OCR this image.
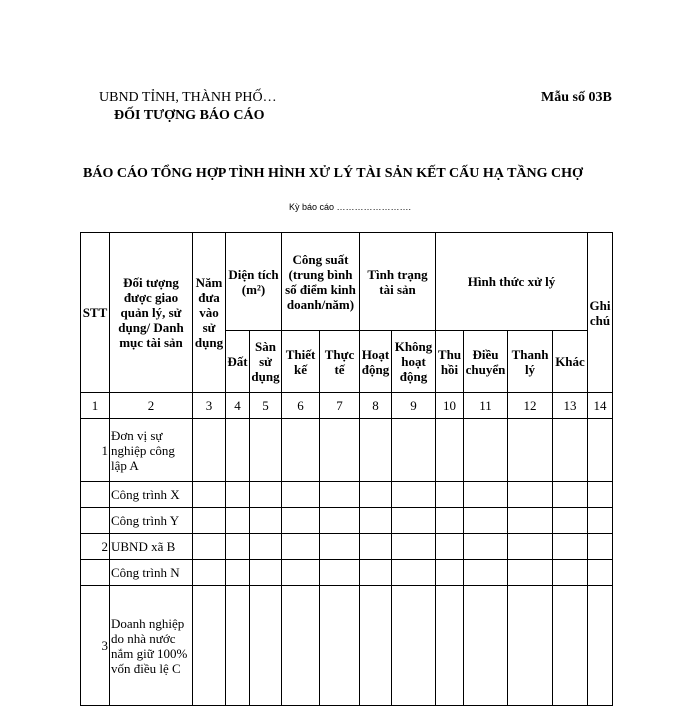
UBND TỈNH, THÀNH PHỐ…
ĐỐI TƯỢNG BÁO CÁO
Mẫu số 03B
BÁO CÁO TỔNG HỢP TÌNH HÌNH XỬ LÝ TÀI SẢN KẾT CẤU HẠ TẦNG CHỢ
Kỳ báo cáo …………………….
STT	Đối tượng được giao quản lý, sử dụng/ Danh mục tài sản	Năm đưa vào sử dụng	Diện tích (m²)		Công suất (trung bình số điểm kinh doanh/năm)		Tình trạng tài sản		Hình thức xử lý				Ghi chú
			Đất	Sàn sử dụng	Thiết kế	Thực tế	Hoạt động	Không hoạt động	Thu hồi	Điều chuyển	Thanh lý	Khác	
1	2	3	4	5	6	7	8	9	10	11	12	13	14
1	Đơn vị sự nghiệp công lập A												
	Công trình X												
	Công trình Y												
2	UBND xã B												
	Công trình N												
3	Doanh nghiệp do nhà nước nắm giữ 100% vốn điều lệ C												
